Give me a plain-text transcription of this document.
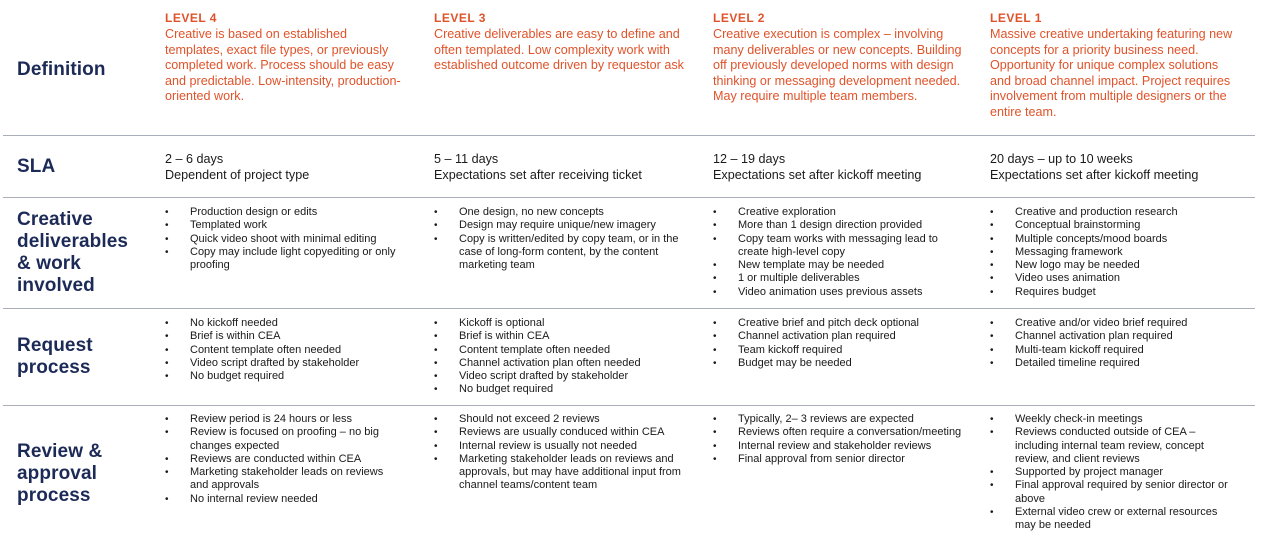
Definition
SLA
Creative
deliverables
& work
involved
Request
process
Review &
approval
process
LEVEL 4
Creative is based on established templates, exact file types, or previously completed work. Process should be easy and predictable. Low-intensity, production-oriented work.
2 – 6 days
Dependent of project type
• Production design or edits
• Templated work
• Quick video shoot with minimal editing
• Copy may include light copyediting or only proofing
• No kickoff needed
• Brief is within CEA
• Content template often needed
• Video script drafted by stakeholder
• No budget required
• Review period is 24 hours or less
• Review is focused on proofing – no big changes expected
• Reviews are conducted within CEA
• Marketing stakeholder leads on reviews and approvals
• No internal review needed
LEVEL 3
Creative deliverables are easy to define and often templated. Low complexity work with established outcome driven by requestor ask
5 – 11 days
Expectations set after receiving ticket
• One design, no new concepts
• Design may require unique/new imagery
• Copy is written/edited by copy team, or in the case of long-form content, by the content marketing team
• Kickoff is optional
• Brief is within CEA
• Content template often needed
• Channel activation plan often needed
• Video script drafted by stakeholder
• No budget required
• Should not exceed 2 reviews
• Reviews are usually conduced within CEA
• Internal review is usually not needed
• Marketing stakeholder leads on reviews and approvals, but may have additional input from channel teams/content team
LEVEL 2
Creative execution is complex – involving many deliverables or new concepts. Building off previously developed norms with design thinking or messaging development needed. May require multiple team members.
12 – 19 days
Expectations set after kickoff meeting
• Creative exploration
• More than 1 design direction provided
• Copy team works with messaging lead to create high-level copy
• New template may be needed
• 1 or multiple deliverables
• Video animation uses previous assets
• Creative brief and pitch deck optional
• Channel activation plan required
• Team kickoff required
• Budget may be needed
• Typically, 2– 3 reviews are expected
• Reviews often require a conversation/meeting
• Internal review and stakeholder reviews
• Final approval from senior director
LEVEL 1
Massive creative undertaking featuring new concepts for a priority business need. Opportunity for unique complex solutions and broad channel impact. Project requires involvement from multiple designers or the entire team.
20 days – up to 10 weeks
Expectations set after kickoff meeting
• Creative and production research
• Conceptual brainstorming
• Multiple concepts/mood boards
• Messaging framework
• New logo may be needed
• Video uses animation
• Requires budget
• Creative and/or video brief required
• Channel activation plan required
• Multi-team kickoff required
• Detailed timeline required
• Weekly check-in meetings
• Reviews conducted outside of CEA – including internal team review, concept review, and client reviews
• Supported by project manager
• Final approval required by senior director or above
• External video crew or external resources may be needed
